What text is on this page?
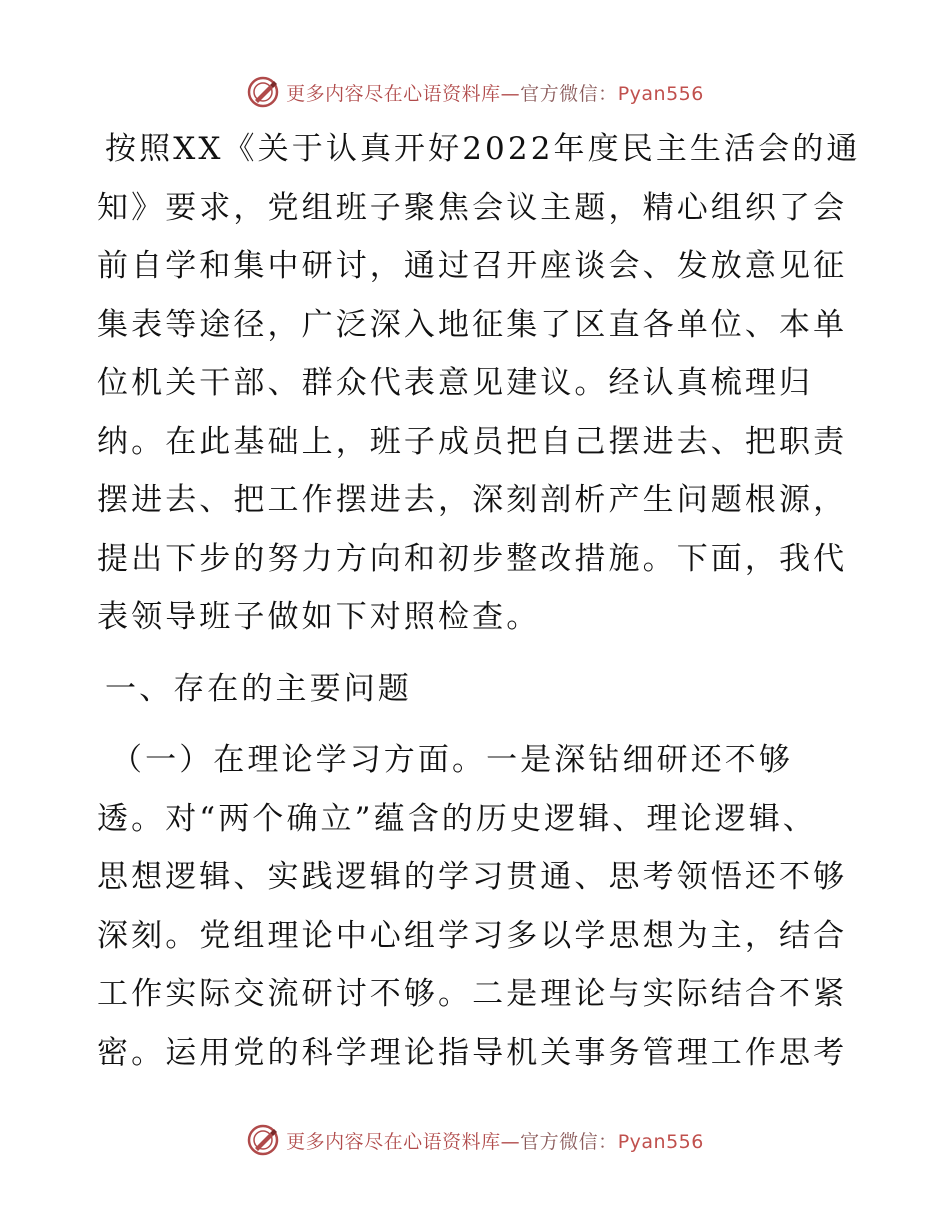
更多内容尽在心语资料库—官方微信：Pyan556
按照XX《关于认真开好2022年度民主生活会的通
知》要求，党组班子聚焦会议主题，精心组织了会
前自学和集中研讨，通过召开座谈会、发放意见征
集表等途径，广泛深入地征集了区直各单位、本单
位机关干部、群众代表意见建议。经认真梳理归
纳。在此基础上，班子成员把自己摆进去、把职责
摆进去、把工作摆进去，深刻剖析产生问题根源，
提出下步的努力方向和初步整改措施。下面，我代
表领导班子做如下对照检查。
一、存在的主要问题
（一）在理论学习方面。一是深钻细研还不够
透。对“两个确立”蕴含的历史逻辑、理论逻辑、
思想逻辑、实践逻辑的学习贯通、思考领悟还不够
深刻。党组理论中心组学习多以学思想为主，结合
工作实际交流研讨不够。二是理论与实际结合不紧
密。运用党的科学理论指导机关事务管理工作思考
更多内容尽在心语资料库—官方微信：Pyan556
